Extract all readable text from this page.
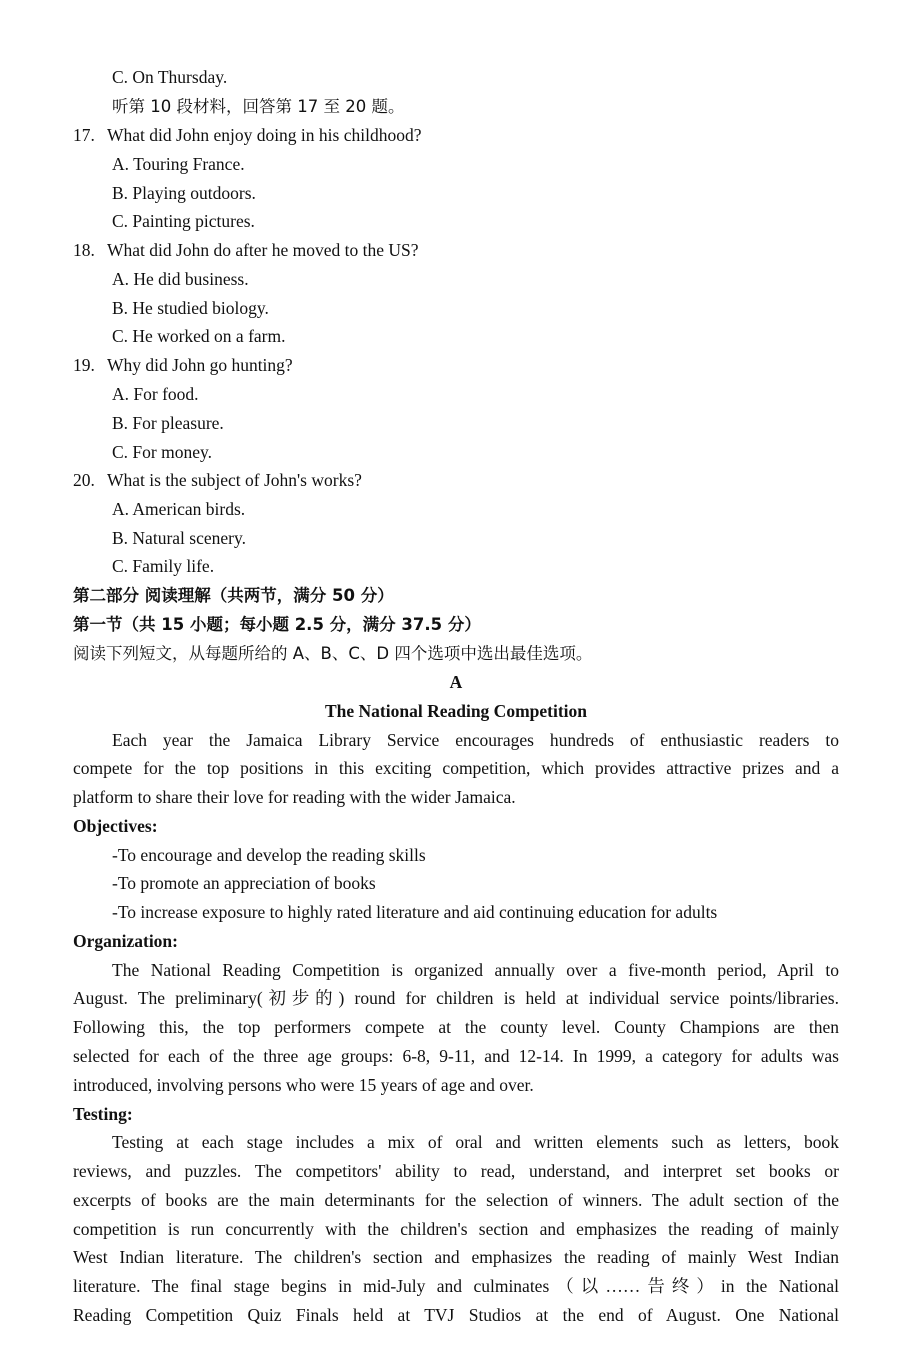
C. On Thursday.
听第 10 段材料，回答第 17 至 20 题。
17. What did John enjoy doing in his childhood?
A. Touring France.
B. Playing outdoors.
C. Painting pictures.
18. What did John do after he moved to the US?
A. He did business.
B. He studied biology.
C. He worked on a farm.
19. Why did John go hunting?
A. For food.
B. For pleasure.
C. For money.
20. What is the subject of John's works?
A. American birds.
B. Natural scenery.
C. Family life.
第二部分 阅读理解（共两节，满分 50 分）
第一节（共 15 小题；每小题 2.5 分，满分 37.5 分）
阅读下列短文，从每题所给的 A、B、C、D 四个选项中选出最佳选项。
A
The National Reading Competition
Each year the Jamaica Library Service encourages hundreds of enthusiastic readers to
compete for the top positions in this exciting competition, which provides attractive prizes and a
platform to share their love for reading with the wider Jamaica.
Objectives:
-To encourage and develop the reading skills
-To promote an appreciation of books
-To increase exposure to highly rated literature and aid continuing education for adults
Organization:
The National Reading Competition is organized annually over a five-month period, April to
August. The preliminary(初步的) round for children is held at individual service points/libraries.
Following this, the top performers compete at the county level. County Champions are then
selected for each of the three age groups: 6-8, 9-11, and 12-14. In 1999, a category for adults was
introduced, involving persons who were 15 years of age and over.
Testing:
Testing at each stage includes a mix of oral and written elements such as letters, book
reviews, and puzzles. The competitors' ability to read, understand, and interpret set books or
excerpts of books are the main determinants for the selection of winners. The adult section of the
competition is run concurrently with the children's section and emphasizes the reading of mainly
West Indian literature. The children's section and emphasizes the reading of mainly West Indian
literature. The final stage begins in mid-July and culminates（以……告终）in the National
Reading Competition Quiz Finals held at TVJ Studios at the end of August. One National
